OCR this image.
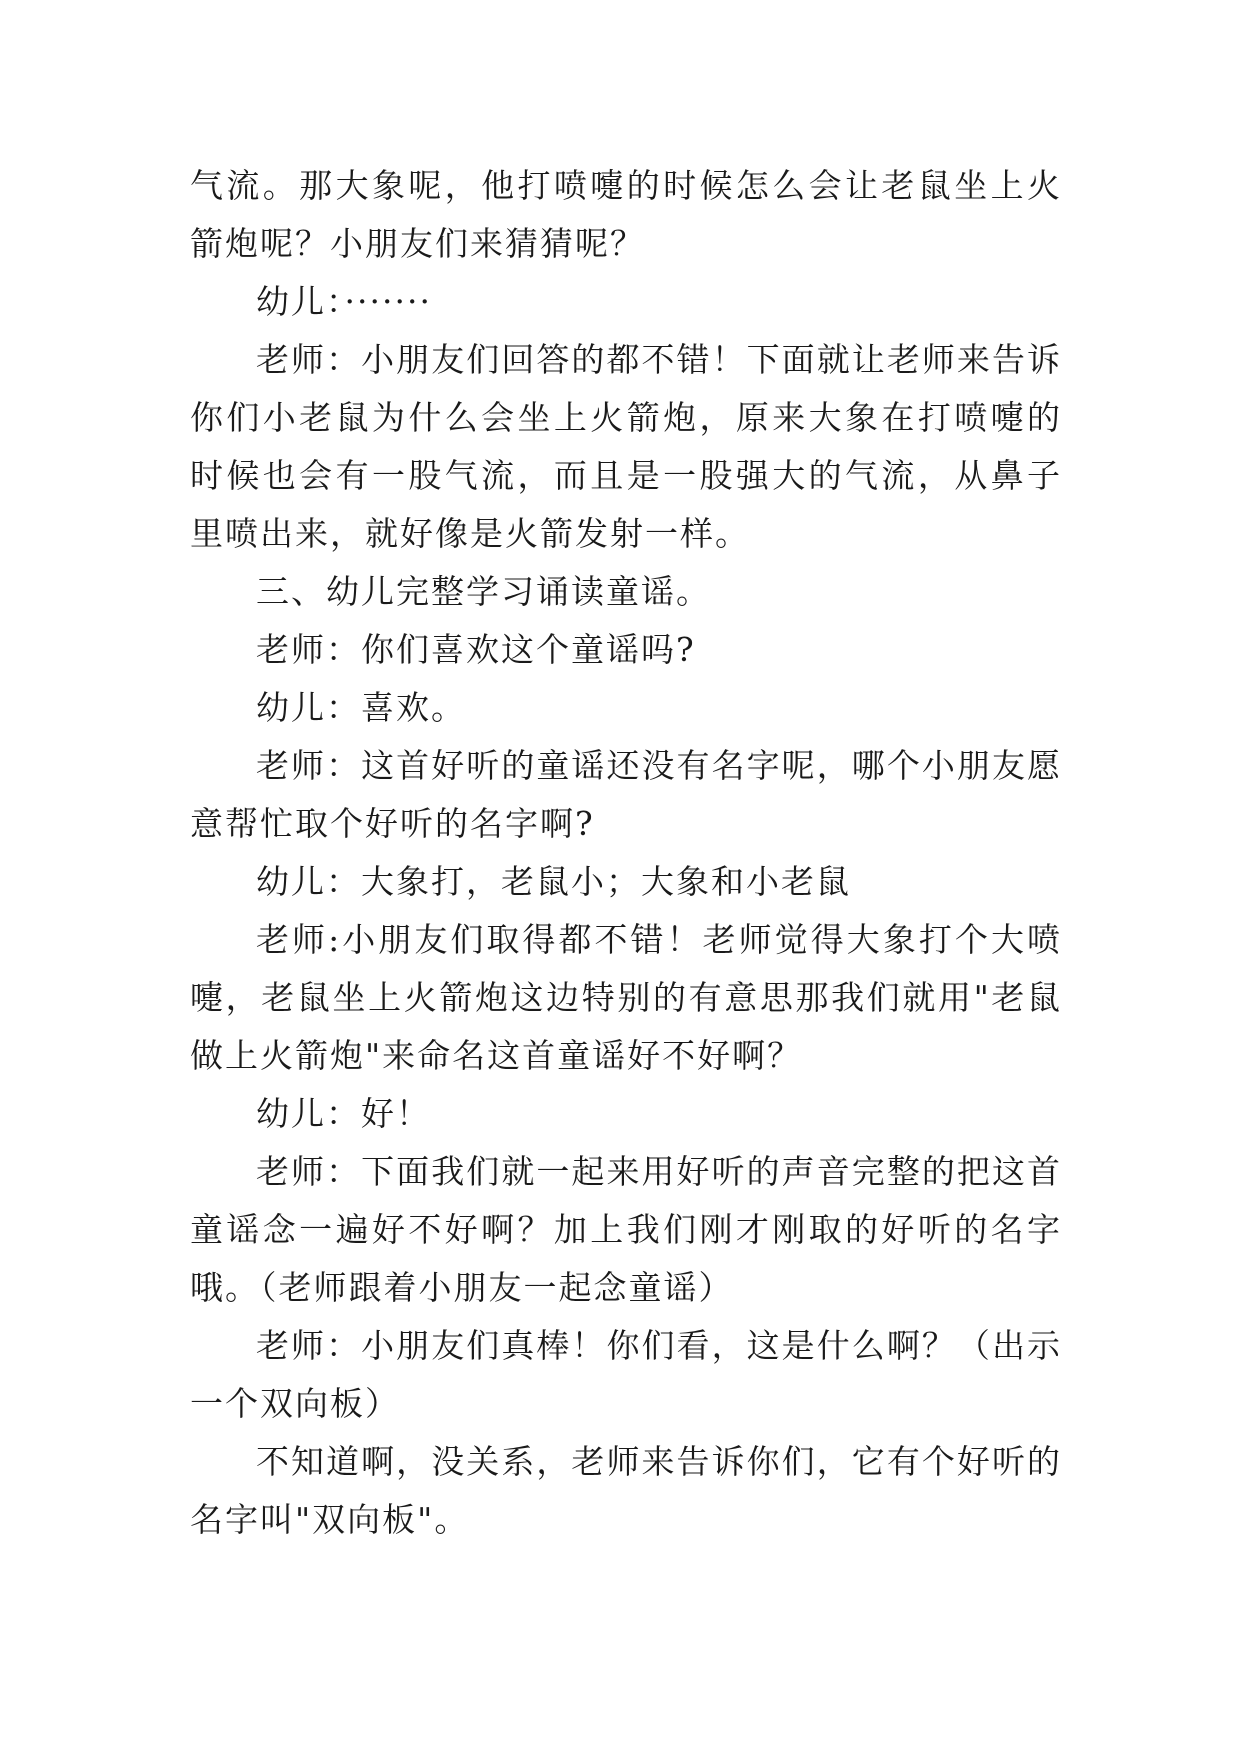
气流。那大象呢，他打喷嚏的时候怎么会让老鼠坐上火箭炮呢？小朋友们来猜猜呢？

幼儿：·······

老师：小朋友们回答的都不错！下面就让老师来告诉你们小老鼠为什么会坐上火箭炮，原来大象在打喷嚏的时候也会有一股气流，而且是一股强大的气流，从鼻子里喷出来，就好像是火箭发射一样。

三、幼儿完整学习诵读童谣。

老师：你们喜欢这个童谣吗?

幼儿：喜欢。

老师：这首好听的童谣还没有名字呢，哪个小朋友愿意帮忙取个好听的名字啊?

幼儿：大象打，老鼠小；大象和小老鼠

老师:小朋友们取得都不错！老师觉得大象打个大喷嚏，老鼠坐上火箭炮这边特别的有意思那我们就用"老鼠做上火箭炮"来命名这首童谣好不好啊？

幼儿：好！

老师：下面我们就一起来用好听的声音完整的把这首童谣念一遍好不好啊？加上我们刚才刚取的好听的名字哦。（老师跟着小朋友一起念童谣）

老师：小朋友们真棒！你们看，这是什么啊？（出示一个双向板）

不知道啊，没关系，老师来告诉你们，它有个好听的名字叫"双向板"。
